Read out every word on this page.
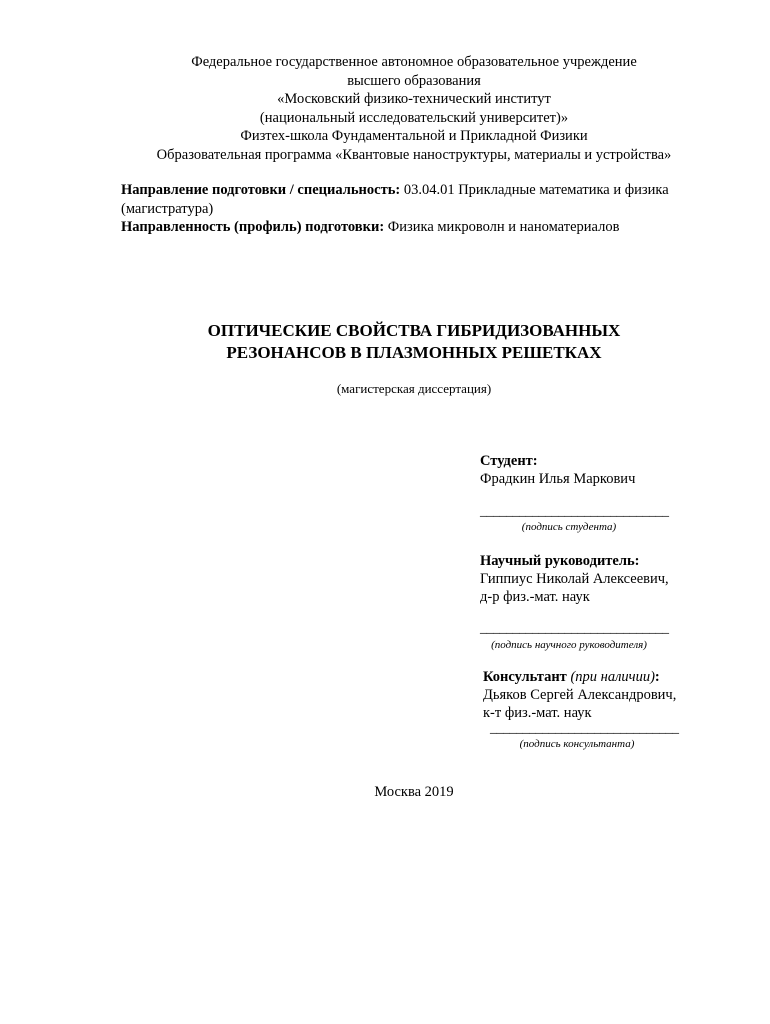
Федеральное государственное автономное образовательное учреждение
высшего образования
«Московский физико-технический институт
(национальный исследовательский университет)»
Физтех-школа Фундаментальной и Прикладной Физики
Образовательная программа «Квантовые наноструктуры, материалы и устройства»
Направление подготовки / специальность: 03.04.01 Прикладные математика и физика (магистратура)
Направленность (профиль) подготовки: Физика микроволн и наноматериалов
ОПТИЧЕСКИЕ СВОЙСТВА ГИБРИДИЗОВАННЫХ
РЕЗОНАНСОВ В ПЛАЗМОННЫХ РЕШЕТКАХ
(магистерская диссертация)
Студент:
Фрадкин Илья Маркович
_____________________________
(подпись студента)
Научный руководитель:
Гиппиус Николай Алексеевич,
д-р физ.-мат. наук
_____________________________
(подпись научного руководителя)
Консультант (при наличии):
Дьяков Сергей Александрович,
к-т физ.-мат. наук
_____________________________
(подпись консультанта)
Москва 2019
